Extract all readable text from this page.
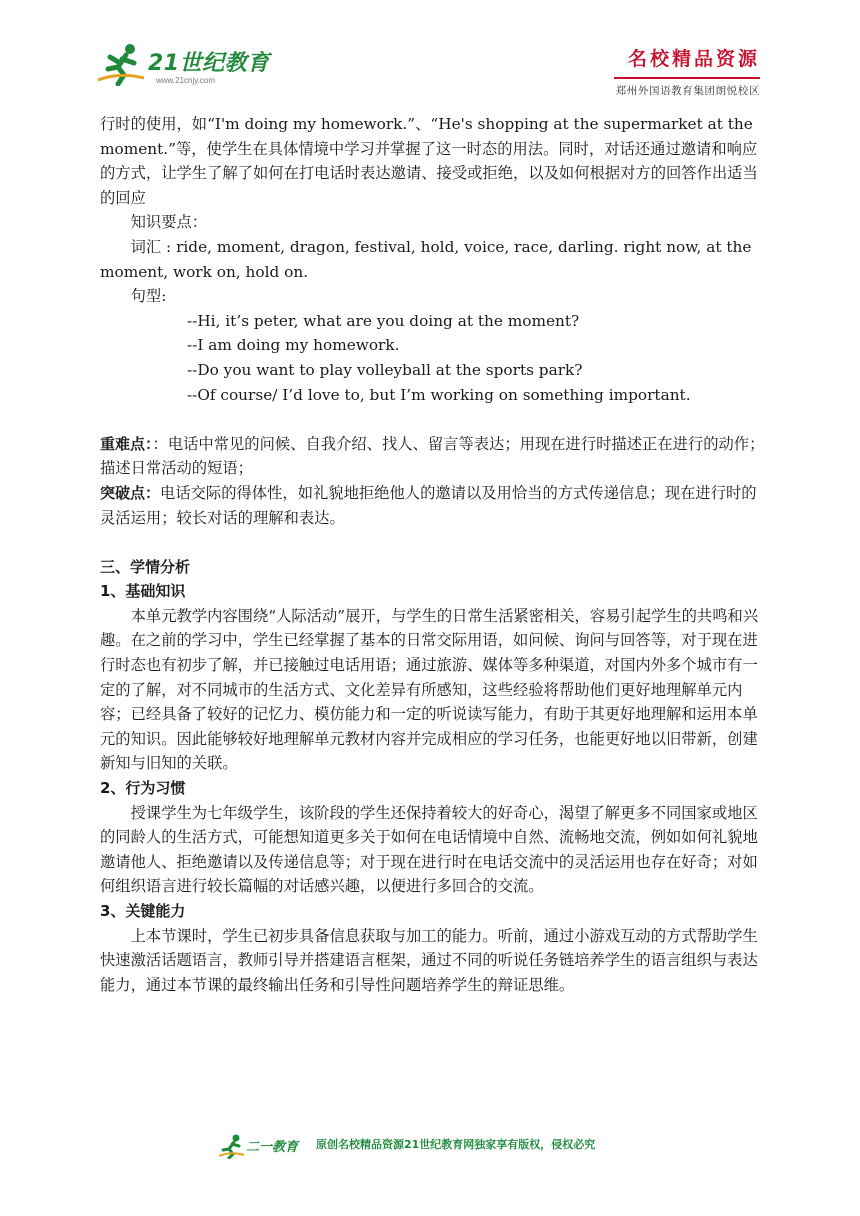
21世纪教育
www.21cnjy.com
名校精品资源
郑州外国语教育集团朗悦校区

行时的使用，如“I'm doing my homework.”、“He's shopping at the supermarket at the moment.”等，使学生在具体情境中学习并掌握了这一时态的用法。同时，对话还通过邀请和响应的方式，让学生了解了如何在打电话时表达邀请、接受或拒绝，以及如何根据对方的回答作出适当的回应

知识要点：

词汇 : ride, moment, dragon, festival, hold, voice, race, darling. right now, at the moment, work on, hold on.

句型:

--Hi, it’s peter, what are you doing at the moment?

--I am doing my homework.

--Do you want to play volleyball at the sports park?

--Of course/ I’d love to, but I’m working on something important.

重难点：：电话中常见的问候、自我介绍、找人、留言等表达；用现在进行时描述正在进行的动作；描述日常活动的短语；

突破点：电话交际的得体性，如礼貌地拒绝他人的邀请以及用恰当的方式传递信息；现在进行时的灵活运用；较长对话的理解和表达。

三、学情分析

1、基础知识

本单元教学内容围绕“人际活动”展开，与学生的日常生活紧密相关，容易引起学生的共鸣和兴趣。在之前的学习中，学生已经掌握了基本的日常交际用语，如问候、询问与回答等，对于现在进行时态也有初步了解，并已接触过电话用语；通过旅游、媒体等多种渠道，对国内外多个城市有一定的了解，对不同城市的生活方式、文化差异有所感知，这些经验将帮助他们更好地理解单元内容；已经具备了较好的记忆力、模仿能力和一定的听说读写能力，有助于其更好地理解和运用本单元的知识。因此能够较好地理解单元教材内容并完成相应的学习任务，也能更好地以旧带新，创建新知与旧知的关联。

2、行为习惯

授课学生为七年级学生，该阶段的学生还保持着较大的好奇心，渴望了解更多不同国家或地区的同龄人的生活方式，可能想知道更多关于如何在电话情境中自然、流畅地交流，例如如何礼貌地邀请他人、拒绝邀请以及传递信息等；对于现在进行时在电话交流中的灵活运用也存在好奇；对如何组织语言进行较长篇幅的对话感兴趣，以便进行多回合的交流。

3、关键能力

上本节课时，学生已初步具备信息获取与加工的能力。听前，通过小游戏互动的方式帮助学生快速激活话题语言，教师引导并搭建语言框架，通过不同的听说任务链培养学生的语言组织与表达能力，通过本节课的最终输出任务和引导性问题培养学生的辩证思维。

二一教育 原创名校精品资源21世纪教育网独家享有版权，侵权必究
